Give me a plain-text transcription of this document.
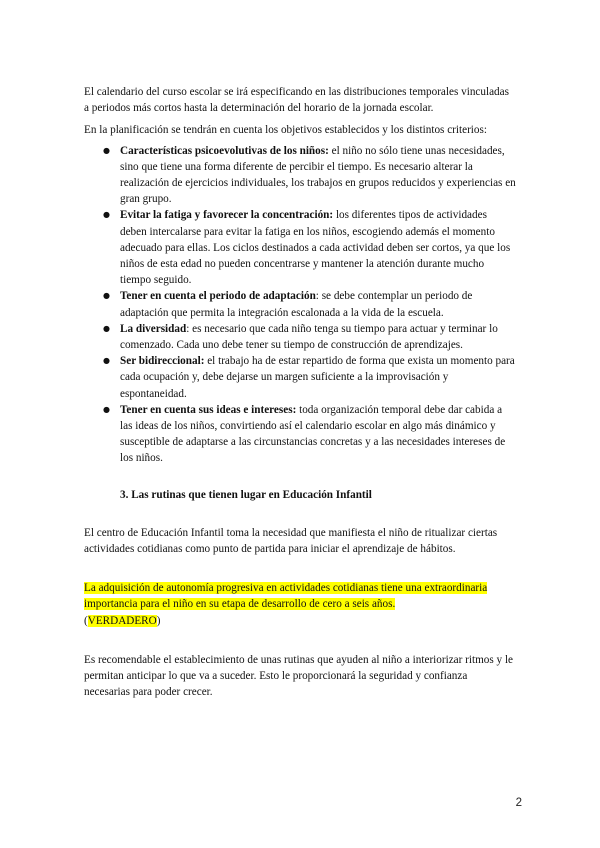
El calendario del curso escolar se irá especificando en las distribuciones temporales vinculadas a periodos más cortos hasta la determinación del horario de la jornada escolar.

En la planificación se tendrán en cuenta los objetivos establecidos y los distintos criterios:

● Características psicoevolutivas de los niños: el niño no sólo tiene unas necesidades, sino que tiene una forma diferente de percibir el tiempo. Es necesario alterar la realización de ejercicios individuales, los trabajos en grupos reducidos y experiencias en gran grupo.
● Evitar la fatiga y favorecer la concentración: los diferentes tipos de actividades deben intercalarse para evitar la fatiga en los niños, escogiendo además el momento adecuado para ellas. Los ciclos destinados a cada actividad deben ser cortos, ya que los niños de esta edad no pueden concentrarse y mantener la atención durante mucho tiempo seguido.
● Tener en cuenta el periodo de adaptación: se debe contemplar un periodo de adaptación que permita la integración escalonada a la vida de la escuela.
● La diversidad: es necesario que cada niño tenga su tiempo para actuar y terminar lo comenzado. Cada uno debe tener su tiempo de construcción de aprendizajes.
● Ser bidireccional: el trabajo ha de estar repartido de forma que exista un momento para cada ocupación y, debe dejarse un margen suficiente a la improvisación y espontaneidad.
● Tener en cuenta sus ideas e intereses: toda organización temporal debe dar cabida a las ideas de los niños, convirtiendo así el calendario escolar en algo más dinámico y susceptible de adaptarse a las circunstancias concretas y a las necesidades intereses de los niños.

3. Las rutinas que tienen lugar en Educación Infantil

El centro de Educación Infantil toma la necesidad que manifiesta el niño de ritualizar ciertas actividades cotidianas como punto de partida para iniciar el aprendizaje de hábitos.

La adquisición de autonomía progresiva en actividades cotidianas tiene una extraordinaria importancia para el niño en su etapa de desarrollo de cero a seis años.
(VERDADERO)

Es recomendable el establecimiento de unas rutinas que ayuden al niño a interiorizar ritmos y le permitan anticipar lo que va a suceder. Esto le proporcionará la seguridad y confianza necesarias para poder crecer.

2
